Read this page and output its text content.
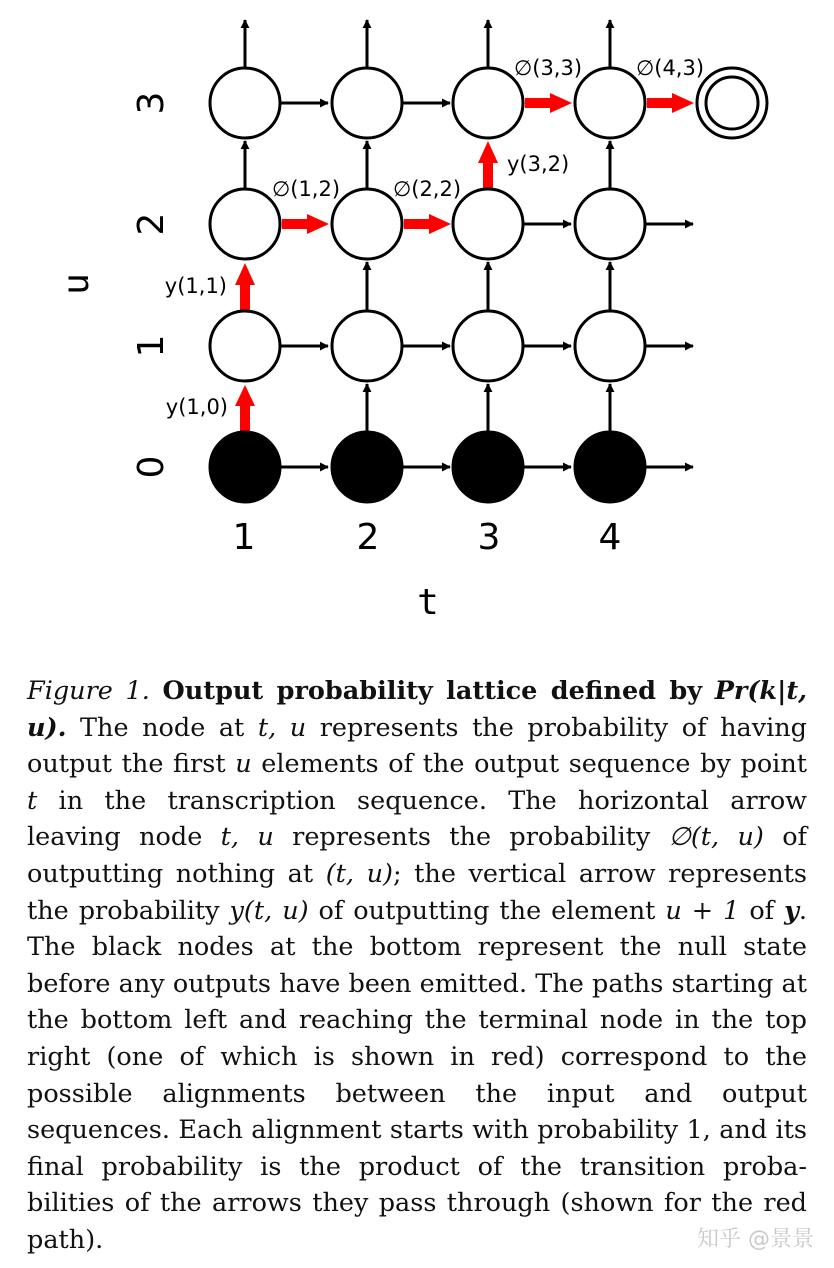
y(1,0)
y(1,1)
∅(1,2)	∅(2,2)
y(3,2)
∅(3,3)	∅(4,3)
1	2	3	4
t
0
1
2
3
u
Figure 1. Output probability lattice defined by Pr(k|t, u). The node at t, u represents the probability of having output the first u elements of the output sequence by point t in the transcription sequence. The horizontal arrow leaving node t, u represents the probability ∅(t, u) of outputting nothing at (t, u); the vertical arrow represents the probability y(t, u) of outputting the element u + 1 of y. The black nodes at the bottom represent the null state before any outputs have been emitted. The paths starting at the bottom left and reaching the terminal node in the top right (one of which is shown in red) correspond to the possible alignments between the input and output sequences. Each alignment starts with probability 1, and its final probability is the product of the transition probabilities of the arrows they pass through (shown for the red path).	知乎 @景景
